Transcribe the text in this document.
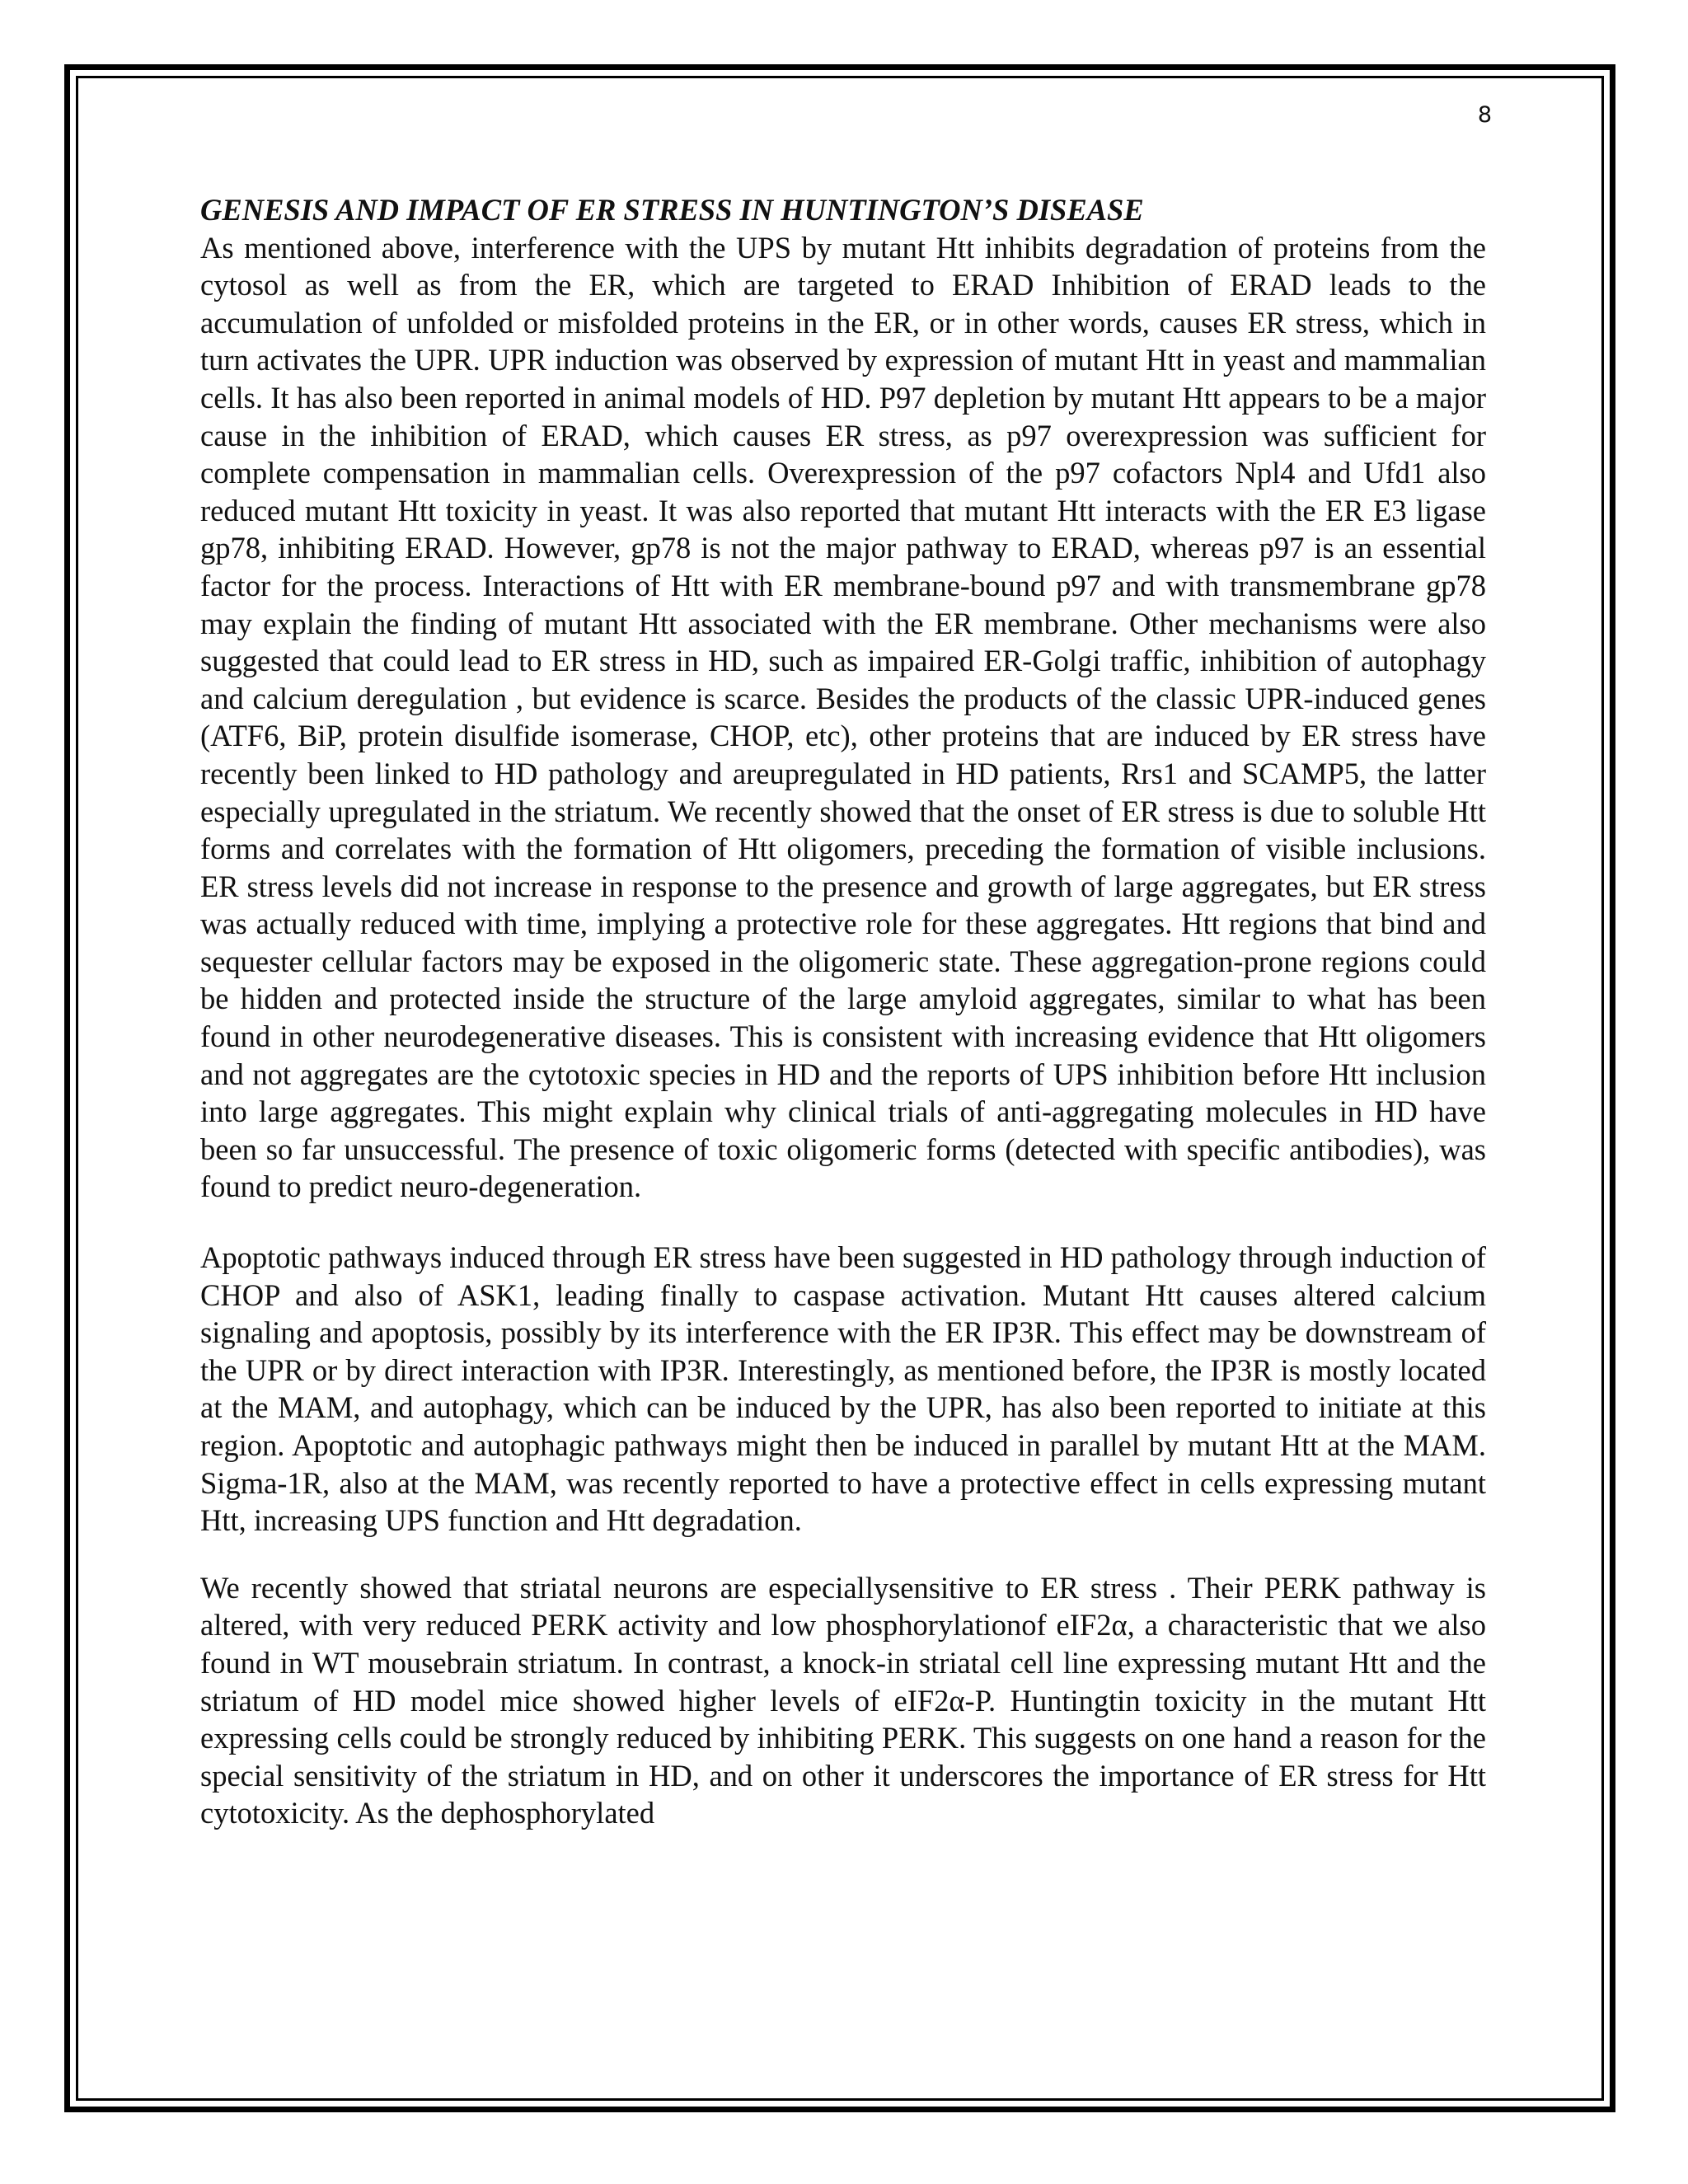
8
GENESIS AND IMPACT OF ER STRESS IN HUNTINGTON’S DISEASE

As mentioned above, interference with the UPS by mutant Htt inhibits degradation of proteins from the cytosol as well as from the ER, which are targeted to ERAD Inhibition of ERAD leads to the accumulation of unfolded or misfolded proteins in the ER, or in other words, causes ER stress, which in turn activates the UPR. UPR induction was observed by expression of mutant Htt in yeast and mammalian cells. It has also been reported in animal models of HD. P97 depletion by mutant Htt appears to be a major cause in the inhibition of ERAD, which causes ER stress, as p97 overexpression was sufficient for complete compensation in mammalian cells. Overexpression of the p97 cofactors Npl4 and Ufd1 also reduced mutant Htt toxicity in yeast. It was also reported that mutant Htt interacts with the ER E3 ligase gp78, inhibiting ERAD. However, gp78 is not the major pathway to ERAD, whereas p97 is an essential factor for the process. Interactions of Htt with ER membrane-bound p97 and with transmembrane gp78 may explain the finding of mutant Htt associated with the ER membrane. Other mechanisms were also suggested that could lead to ER stress in HD, such as impaired ER-Golgi traffic, inhibition of autophagy and calcium deregulation , but evidence is scarce. Besides the products of the classic UPR-induced genes (ATF6, BiP, protein disulfide isomerase, CHOP, etc), other proteins that are induced by ER stress have recently been linked to HD pathology and areupregulated in HD patients, Rrs1 and SCAMP5, the latter especially upregulated in the striatum. We recently showed that the onset of ER stress is due to soluble Htt forms and correlates with the formation of Htt oligomers, preceding the formation of visible inclusions. ER stress levels did not increase in response to the presence and growth of large aggregates, but ER stress was actually reduced with time, implying a protective role for these aggregates. Htt regions that bind and sequester cellular factors may be exposed in the oligomeric state. These aggregation-prone regions could be hidden and protected inside the structure of the large amyloid aggregates, similar to what has been found in other neurodegenerative diseases. This is consistent with increasing evidence that Htt oligomers and not aggregates are the cytotoxic species in HD and the reports of UPS inhibition before Htt inclusion into large aggregates. This might explain why clinical trials of anti-aggregating molecules in HD have been so far unsuccessful. The presence of toxic oligomeric forms (detected with specific antibodies), was found to predict neuro-degeneration.

Apoptotic pathways induced through ER stress have been suggested in HD pathology through induction of CHOP and also of ASK1, leading finally to caspase activation. Mutant Htt causes altered calcium signaling and apoptosis, possibly by its interference with the ER IP3R. This effect may be downstream of the UPR or by direct interaction with IP3R. Interestingly, as mentioned before, the IP3R is mostly located at the MAM, and autophagy, which can be induced by the UPR, has also been reported to initiate at this region. Apoptotic and autophagic pathways might then be induced in parallel by mutant Htt at the MAM. Sigma-1R, also at the MAM, was recently reported to have a protective effect in cells expressing mutant Htt, increasing UPS function and Htt degradation.

We recently showed that striatal neurons are especiallysensitive to ER stress . Their PERK pathway is altered, with very reduced PERK activity and low phosphorylationof eIF2α, a characteristic that we also found in WT mousebrain striatum. In contrast, a knock-in striatal cell line expressing mutant Htt and the striatum of HD model mice showed higher levels of eIF2α-P. Huntingtin toxicity in the mutant Htt expressing cells could be strongly reduced by inhibiting PERK. This suggests on one hand a reason for the special sensitivity of the striatum in HD, and on other it underscores the importance of ER stress for Htt cytotoxicity. As the dephosphorylated
